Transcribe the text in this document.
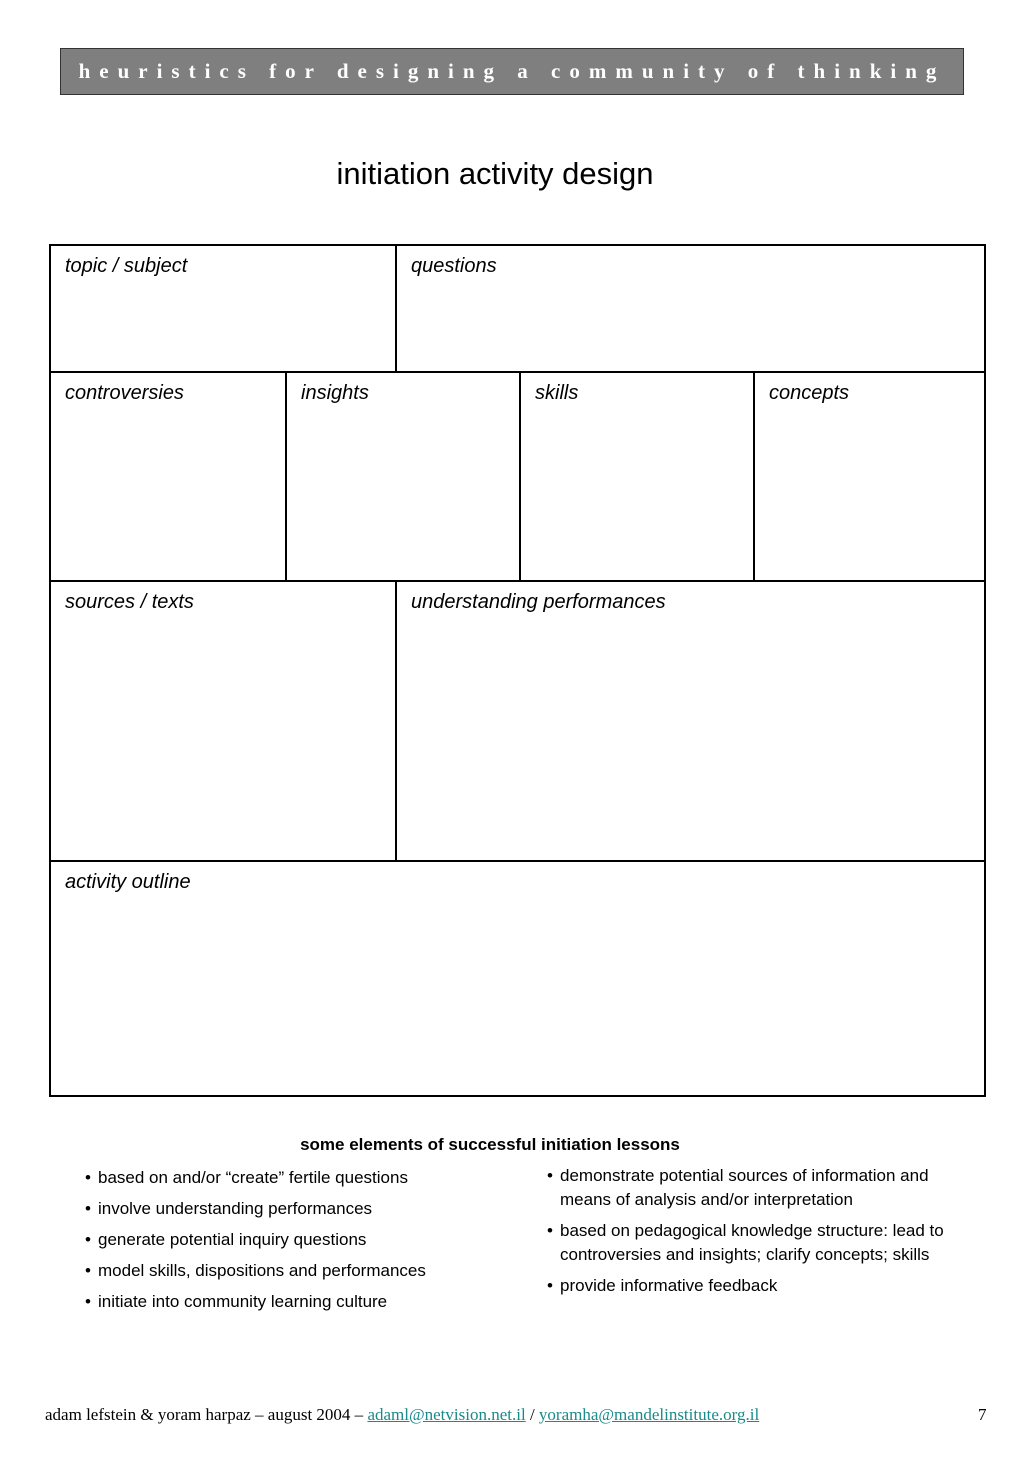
heuristics for designing a community of thinking
initiation activity design
topic / subject	questions
controversies	insights	skills	concepts
sources / texts	understanding performances
activity outline
some elements of successful initiation lessons
• based on and/or “create” fertile questions
• involve understanding performances
• generate potential inquiry questions
• model skills, dispositions and performances
• initiate into community learning culture
• demonstrate potential sources of information and means of analysis and/or interpretation
• based on pedagogical knowledge structure: lead to controversies and insights; clarify concepts; skills
• provide informative feedback
adam lefstein & yoram harpaz – august 2004 – adaml@netvision.net.il / yoramha@mandelinstitute.org.il	7
